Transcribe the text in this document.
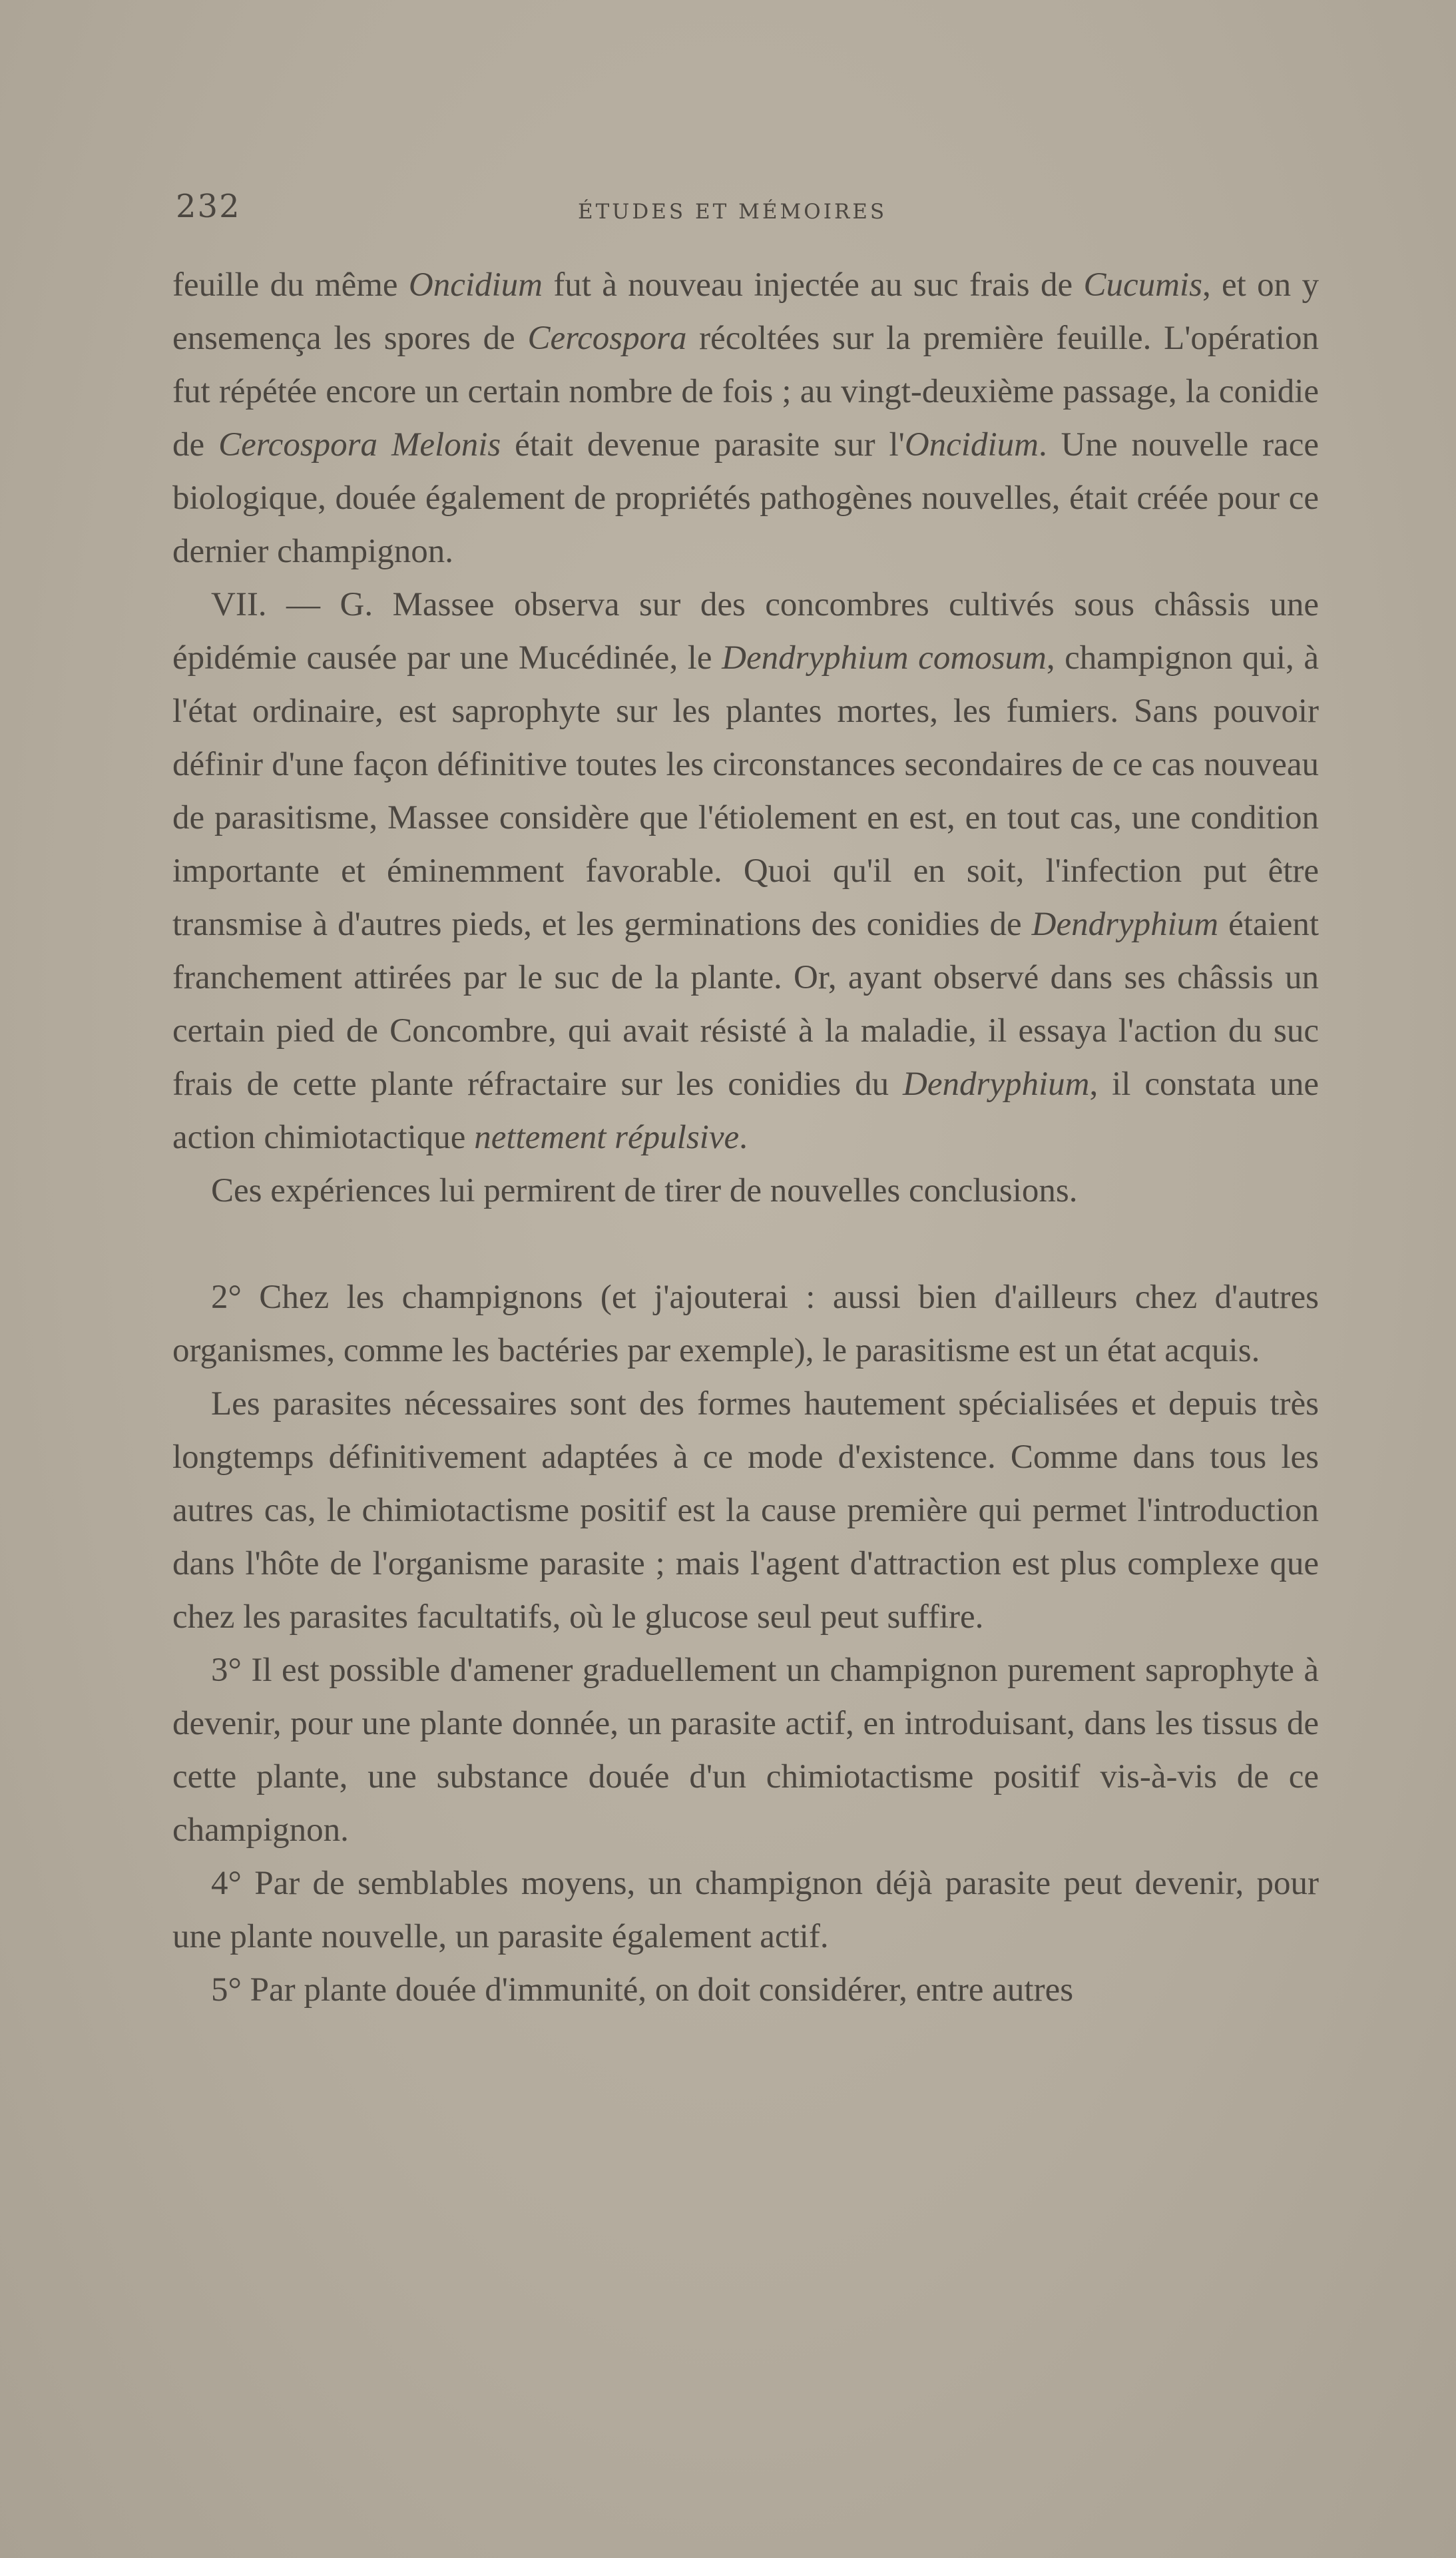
232	ÉTUDES ET MÉMOIRES

feuille du même Oncidium fut à nouveau injectée au suc frais de Cucumis, et on y ensemença les spores de Cercospora récoltées sur la première feuille. L'opération fut répétée encore un certain nombre de fois ; au vingt-deuxième passage, la conidie de Cercospora Melonis était devenue parasite sur l'Oncidium. Une nouvelle race biologique, douée également de propriétés pathogènes nouvelles, était créée pour ce dernier champignon.

VII. — G. Massee observa sur des concombres cultivés sous châssis une épidémie causée par une Mucédinée, le Dendryphium comosum, champignon qui, à l'état ordinaire, est saprophyte sur les plantes mortes, les fumiers. Sans pouvoir définir d'une façon définitive toutes les circonstances secondaires de ce cas nouveau de parasitisme, Massee considère que l'étiolement en est, en tout cas, une condition importante et éminemment favorable. Quoi qu'il en soit, l'infection put être transmise à d'autres pieds, et les germinations des conidies de Dendryphium étaient franchement attirées par le suc de la plante. Or, ayant observé dans ses châssis un certain pied de Concombre, qui avait résisté à la maladie, il essaya l'action du suc frais de cette plante réfractaire sur les conidies du Dendryphium, il constata une action chimiotactique nettement répulsive.

Ces expériences lui permirent de tirer de nouvelles conclusions.

2° Chez les champignons (et j'ajouterai : aussi bien d'ailleurs chez d'autres organismes, comme les bactéries par exemple), le parasitisme est un état acquis.

Les parasites nécessaires sont des formes hautement spécialisées et depuis très longtemps définitivement adaptées à ce mode d'existence. Comme dans tous les autres cas, le chimiotactisme positif est la cause première qui permet l'introduction dans l'hôte de l'organisme parasite ; mais l'agent d'attraction est plus complexe que chez les parasites facultatifs, où le glucose seul peut suffire.

3° Il est possible d'amener graduellement un champignon purement saprophyte à devenir, pour une plante donnée, un parasite actif, en introduisant, dans les tissus de cette plante, une substance douée d'un chimiotactisme positif vis-à-vis de ce champignon.

4° Par de semblables moyens, un champignon déjà parasite peut devenir, pour une plante nouvelle, un parasite également actif.

5° Par plante douée d'immunité, on doit considérer, entre autres
